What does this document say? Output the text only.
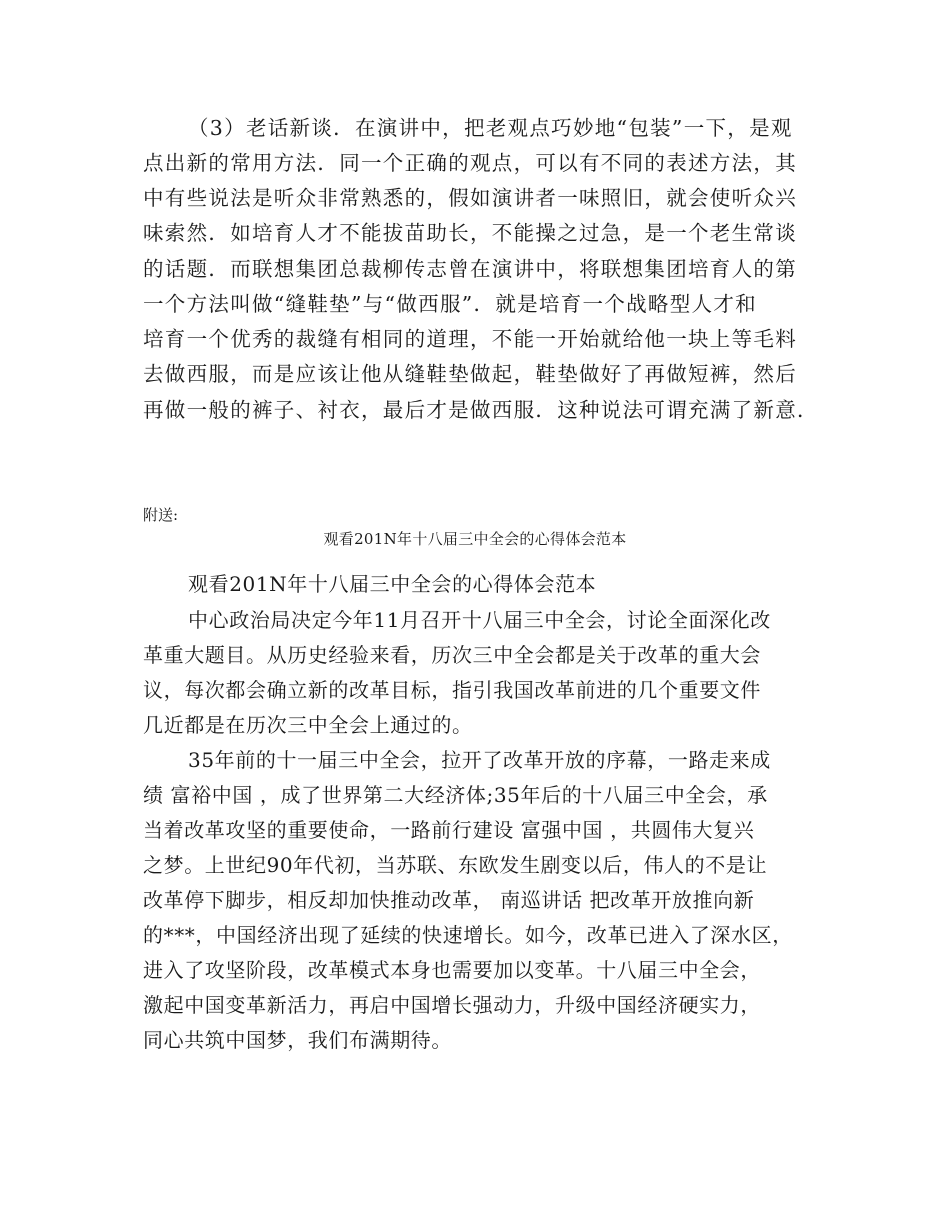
（3）老话新谈．在演讲中，把老观点巧妙地“包装”一下，是观
点出新的常用方法．同一个正确的观点，可以有不同的表述方法，其
中有些说法是听众非常熟悉的，假如演讲者一味照旧，就会使听众兴
味索然．如培育人才不能拔苗助长，不能操之过急，是一个老生常谈
的话题．而联想集团总裁柳传志曾在演讲中，将联想集团培育人的第
一个方法叫做“缝鞋垫”与“做西服”．就是培育一个战略型人才和
培育一个优秀的裁缝有相同的道理，不能一开始就给他一块上等毛料
去做西服，而是应该让他从缝鞋垫做起，鞋垫做好了再做短裤，然后
再做一般的裤子、衬衣，最后才是做西服．这种说法可谓充满了新意．
附送:
观看201N年十八届三中全会的心得体会范本
观看201N年十八届三中全会的心得体会范本
中心政治局决定今年11月召开十八届三中全会，讨论全面深化改
革重大题目。从历史经验来看，历次三中全会都是关于改革的重大会
议，每次都会确立新的改革目标，指引我国改革前进的几个重要文件
几近都是在历次三中全会上通过的。
35年前的十一届三中全会，拉开了改革开放的序幕，一路走来成
绩 富裕中国 ，成了世界第二大经济体;35年后的十八届三中全会，承
当着改革攻坚的重要使命，一路前行建设 富强中国 ，共圆伟大复兴
之梦。上世纪90年代初，当苏联、东欧发生剧变以后，伟人的不是让
改革停下脚步，相反却加快推动改革， 南巡讲话 把改革开放推向新
的***，中国经济出现了延续的快速增长。如今，改革已进入了深水区，
进入了攻坚阶段，改革模式本身也需要加以变革。十八届三中全会，
激起中国变革新活力，再启中国增长强动力，升级中国经济硬实力，
同心共筑中国梦，我们布满期待。
